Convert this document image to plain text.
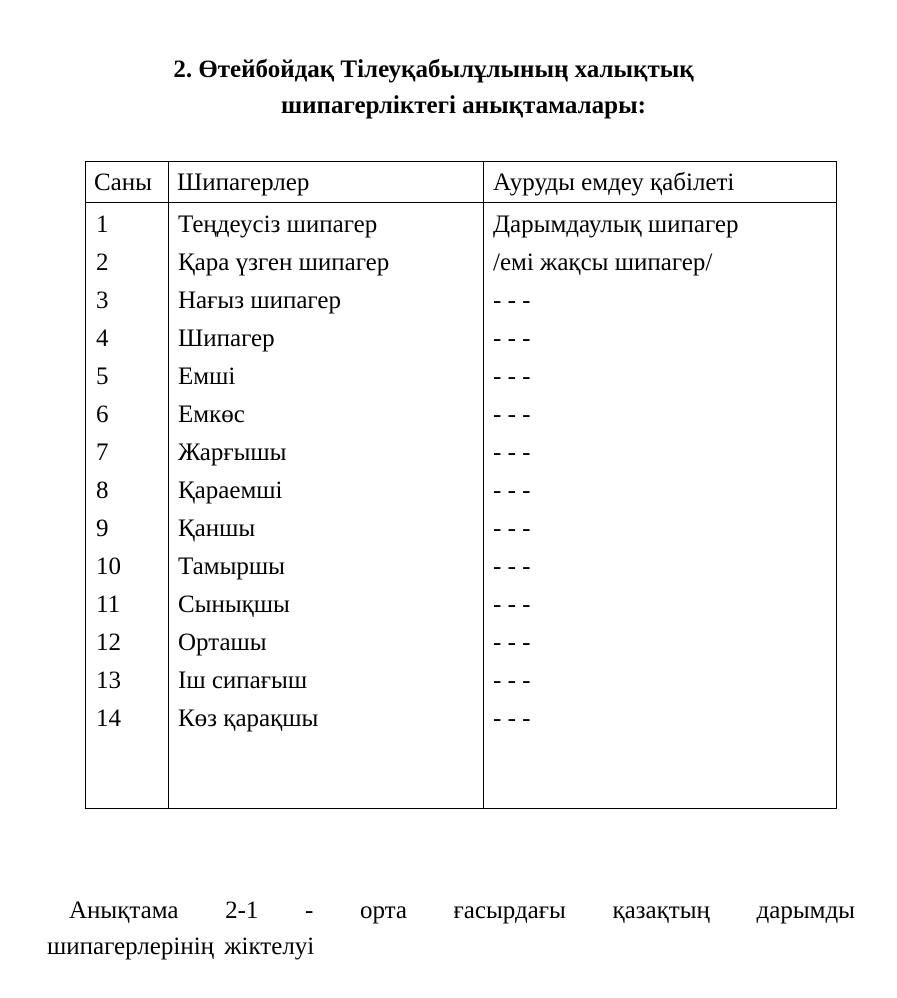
2. Өтейбойдақ Тілеуқабылұлының халықтық
шипагерліктегі анықтамалары:
Саны Шипагерлер	Ауруды емдеу қабілеті
1	Теңдеусіз шипагер	Дарымдаулық шипагер
2	Қара үзген шипагер	/емі жақсы шипагер/
3	Нағыз шипагер	- - -
4	Шипагер	- - -
5	Емші	- - -
6	Емкөс	- - -
7	Жарғышы	- - -
8	Қараемші	- - -
9	Қаншы	- - -
10 Тамыршы	- - -
11 Сынықшы	- - -
12 Орташы	- - -
13 Іш сипағыш	- - -
14 Көз қарақшы	- - -
Анықтама 2-1 - орта ғасырдағы қазақтың дарымды
шипагерлерінің жіктелуі
